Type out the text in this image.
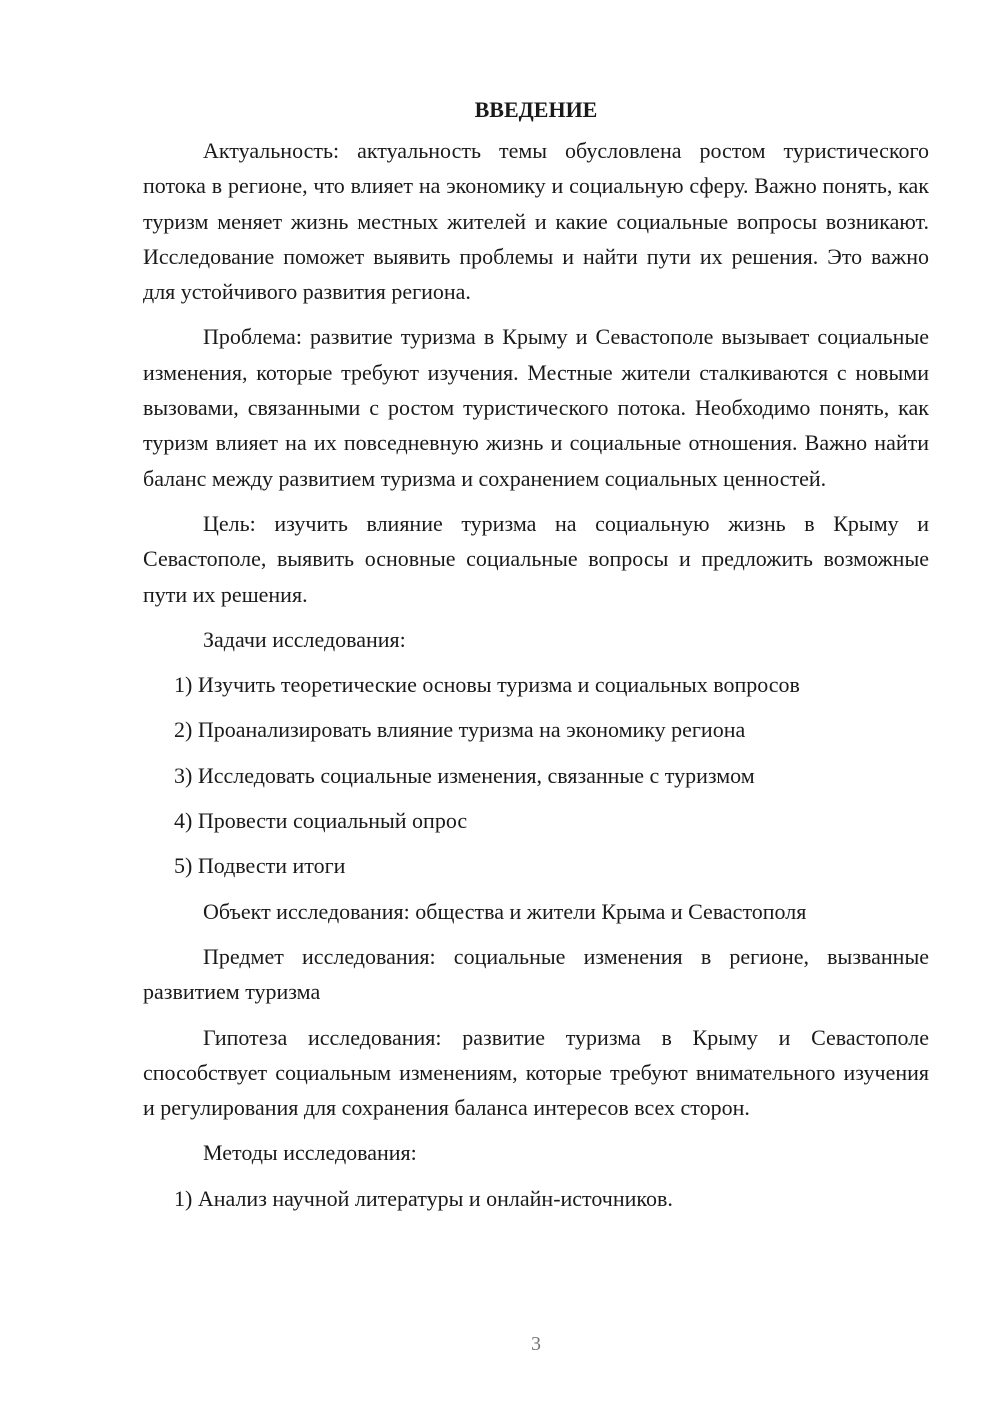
ВВЕДЕНИЕ

Актуальность: актуальность темы обусловлена ростом туристического потока в регионе, что влияет на экономику и социальную сферу. Важно понять, как туризм меняет жизнь местных жителей и какие социальные вопросы возникают. Исследование поможет выявить проблемы и найти пути их решения. Это важно для устойчивого развития региона.

Проблема: развитие туризма в Крыму и Севастополе вызывает социальные изменения, которые требуют изучения. Местные жители сталкиваются с новыми вызовами, связанными с ростом туристического потока. Необходимо понять, как туризм влияет на их повседневную жизнь и социальные отношения. Важно найти баланс между развитием туризма и сохранением социальных ценностей.

Цель: изучить влияние туризма на социальную жизнь в Крыму и Севастополе, выявить основные социальные вопросы и предложить возможные пути их решения.

Задачи исследования:
1) Изучить теоретические основы туризма и социальных вопросов
2) Проанализировать влияние туризма на экономику региона
3) Исследовать социальные изменения, связанные с туризмом
4) Провести социальный опрос
5) Подвести итоги
Объект исследования: общества и жители Крыма и Севастополя

Предмет исследования: социальные изменения в регионе, вызванные развитием туризма

Гипотеза исследования: развитие туризма в Крыму и Севастополе способствует социальным изменениям, которые требуют внимательного изучения и регулирования для сохранения баланса интересов всех сторон.

Методы исследования:
1) Анализ научной литературы и онлайн-источников.
3
